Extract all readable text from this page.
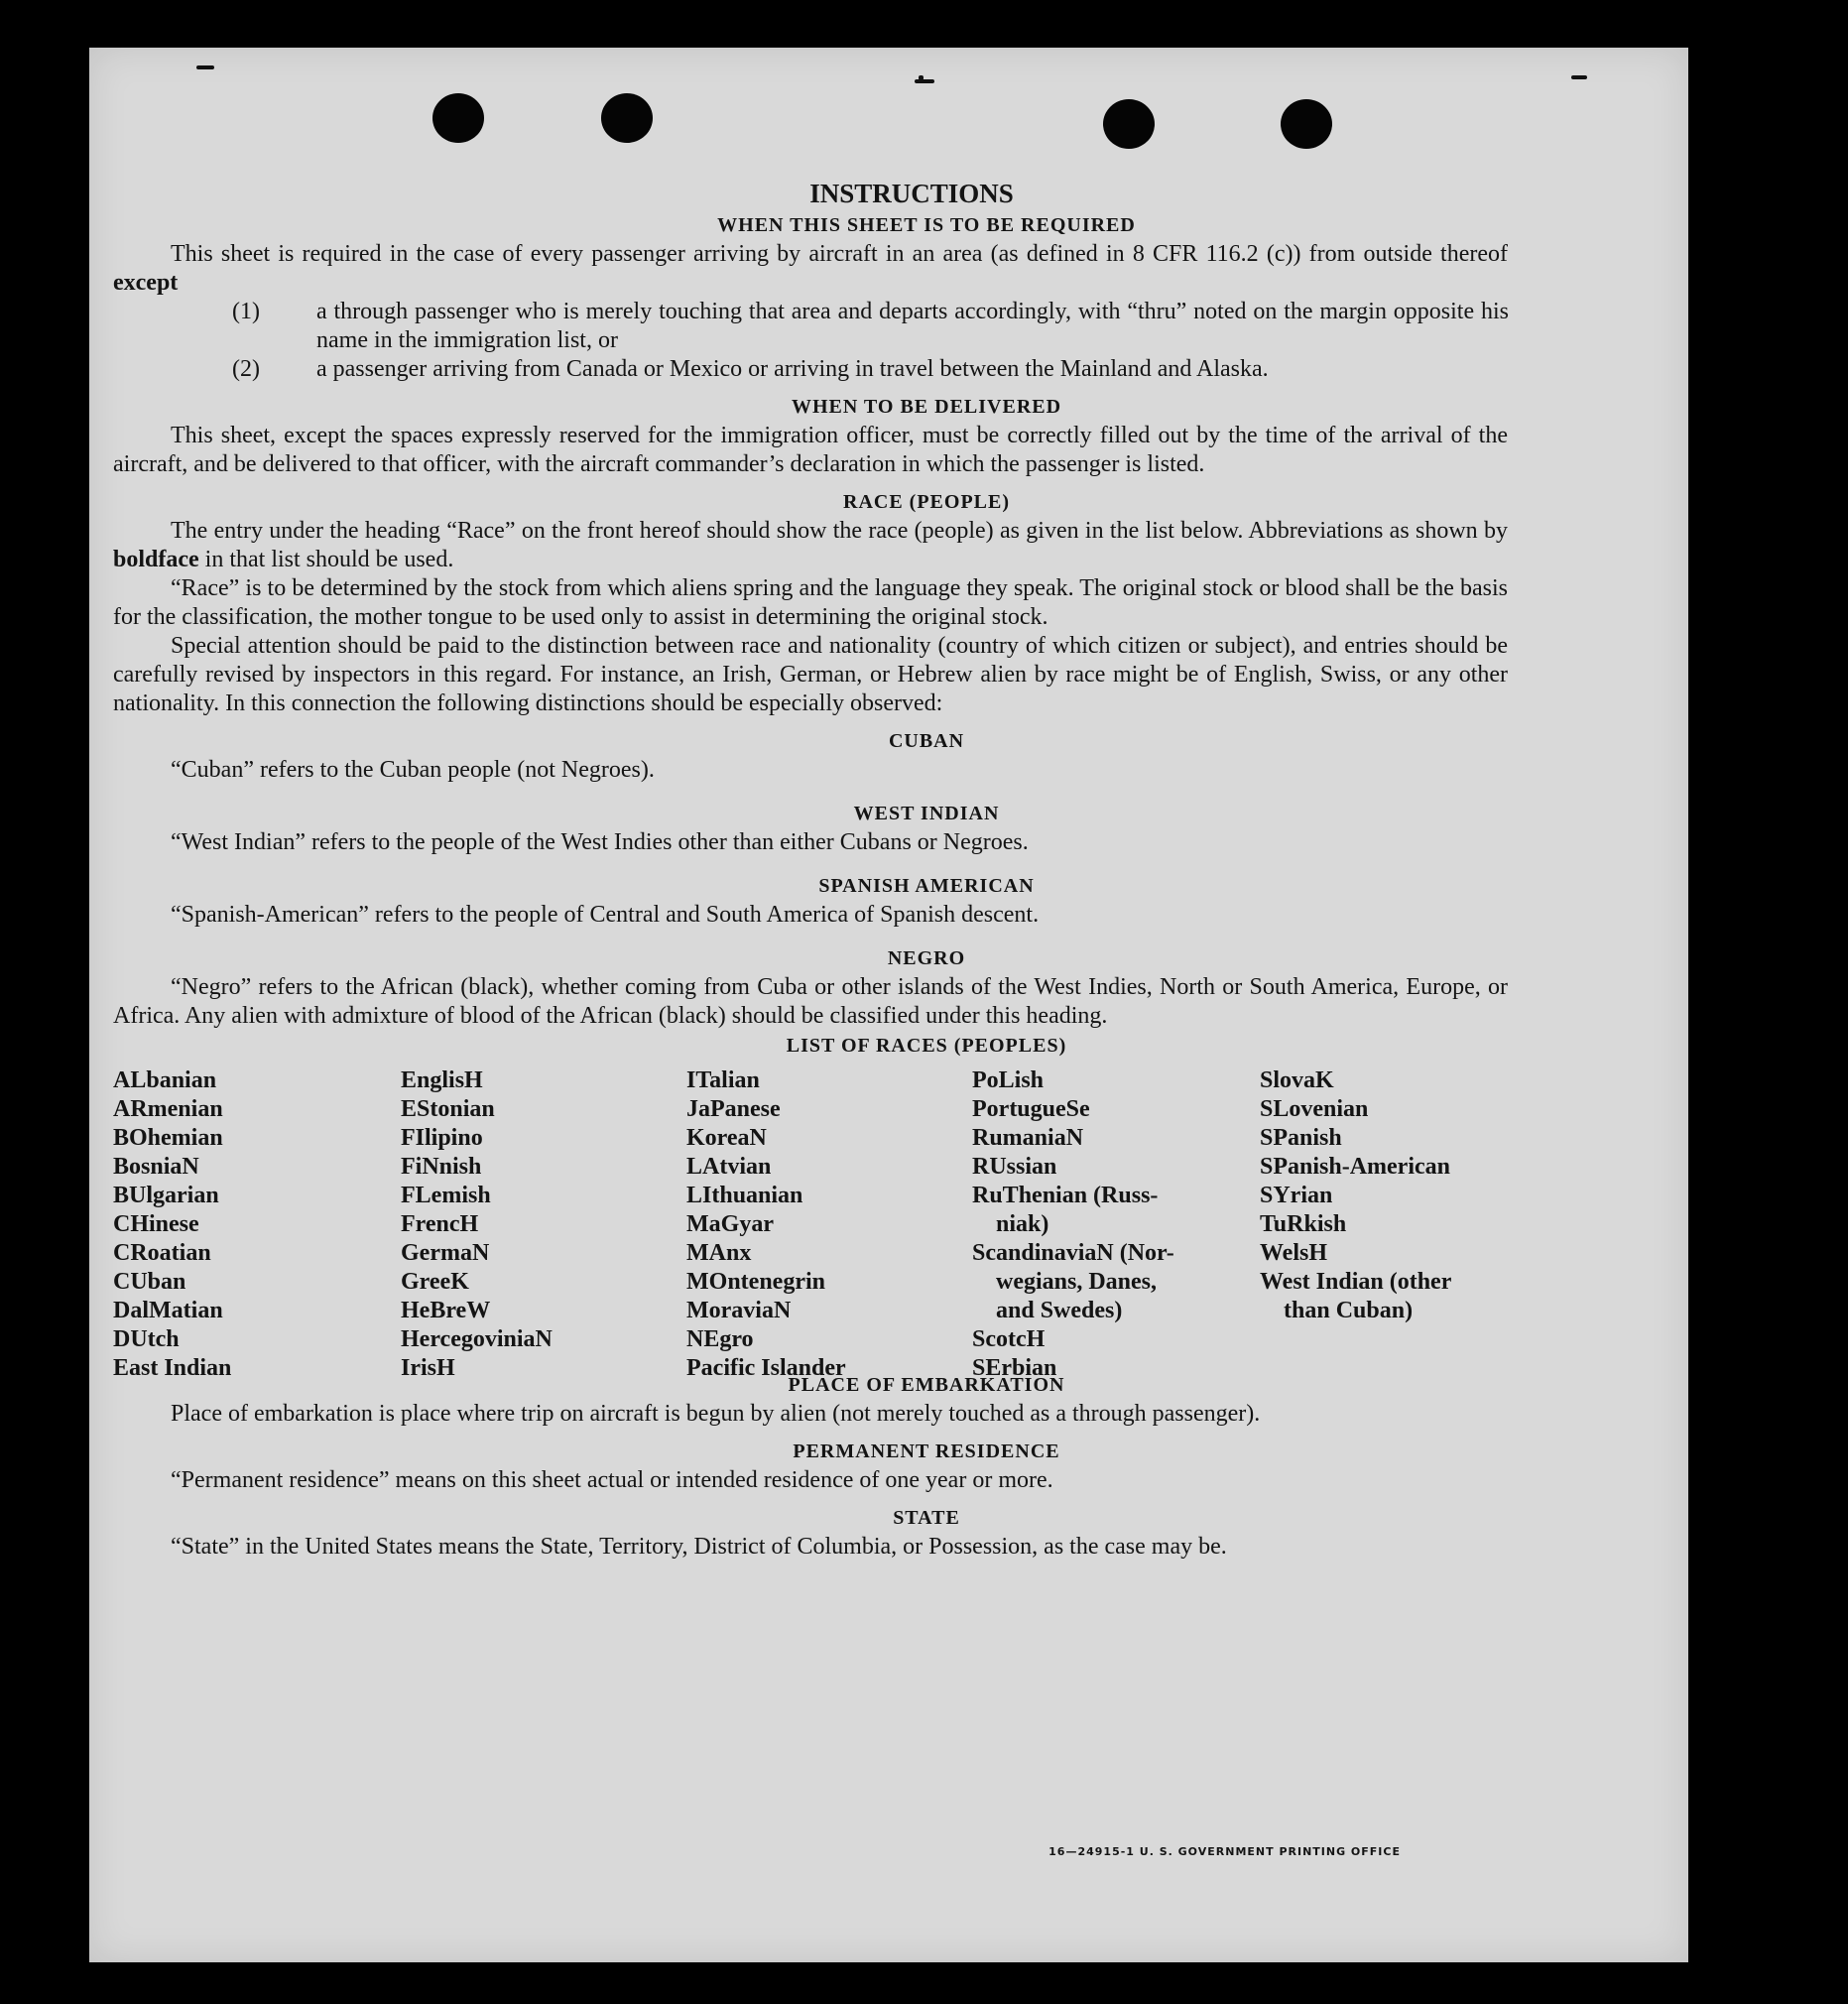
INSTRUCTIONS
WHEN THIS SHEET IS TO BE REQUIRED
This sheet is required in the case of every passenger arriving by aircraft in an area (as defined in 8 CFR 116.2 (c)) from outside thereof except
(1) a through passenger who is merely touching that area and departs accordingly, with “thru” noted on the margin opposite his name in the immigration list, or
(2) a passenger arriving from Canada or Mexico or arriving in travel between the Mainland and Alaska.
WHEN TO BE DELIVERED
This sheet, except the spaces expressly reserved for the immigration officer, must be correctly filled out by the time of the arrival of the aircraft, and be delivered to that officer, with the aircraft commander’s declaration in which the passenger is listed.
RACE (PEOPLE)
The entry under the heading “Race” on the front hereof should show the race (people) as given in the list below. Abbreviations as shown by boldface in that list should be used.
“Race” is to be determined by the stock from which aliens spring and the language they speak. The original stock or blood shall be the basis for the classification, the mother tongue to be used only to assist in determining the original stock.
Special attention should be paid to the distinction between race and nationality (country of which citizen or subject), and entries should be carefully revised by inspectors in this regard. For instance, an Irish, German, or Hebrew alien by race might be of English, Swiss, or any other nationality. In this connection the following distinctions should be especially observed:
CUBAN
“Cuban” refers to the Cuban people (not Negroes).
WEST INDIAN
“West Indian” refers to the people of the West Indies other than either Cubans or Negroes.
SPANISH AMERICAN
“Spanish-American” refers to the people of Central and South America of Spanish descent.
NEGRO
“Negro” refers to the African (black), whether coming from Cuba or other islands of the West Indies, North or South America, Europe, or Africa. Any alien with admixture of blood of the African (black) should be classified under this heading.
LIST OF RACES (PEOPLES)
ALbanian
ARmenian
BOhemian
BosniaN
BUlgarian
CHinese
CRoatian
CUban
DalMatian
DUtch
East Indian
EnglisH
EStonian
FIlipino
FiNnish
FLemish
FrencH
GermaN
GreeK
HeBreW
HercegoviniaN
IrisH
ITalian
JaPanese
KoreaN
LAtvian
LIthuanian
MaGyar
MAnx
MOntenegrin
MoraviaN
NEgro
Pacific Islander
PoLish
PortugueSe
RumaniaN
RUssian
RuThenian (Russ-
niak)
ScandinaviaN (Nor-
wegians, Danes,
and Swedes)
ScotcH
SErbian
SlovaK
SLovenian
SPanish
SPanish-American
SYrian
TuRkish
WelsH
West Indian (other
than Cuban)
PLACE OF EMBARKATION
Place of embarkation is place where trip on aircraft is begun by alien (not merely touched as a through passenger).
PERMANENT RESIDENCE
“Permanent residence” means on this sheet actual or intended residence of one year or more.
STATE
“State” in the United States means the State, Territory, District of Columbia, or Possession, as the case may be.
16—24915-1 U. S. GOVERNMENT PRINTING OFFICE
